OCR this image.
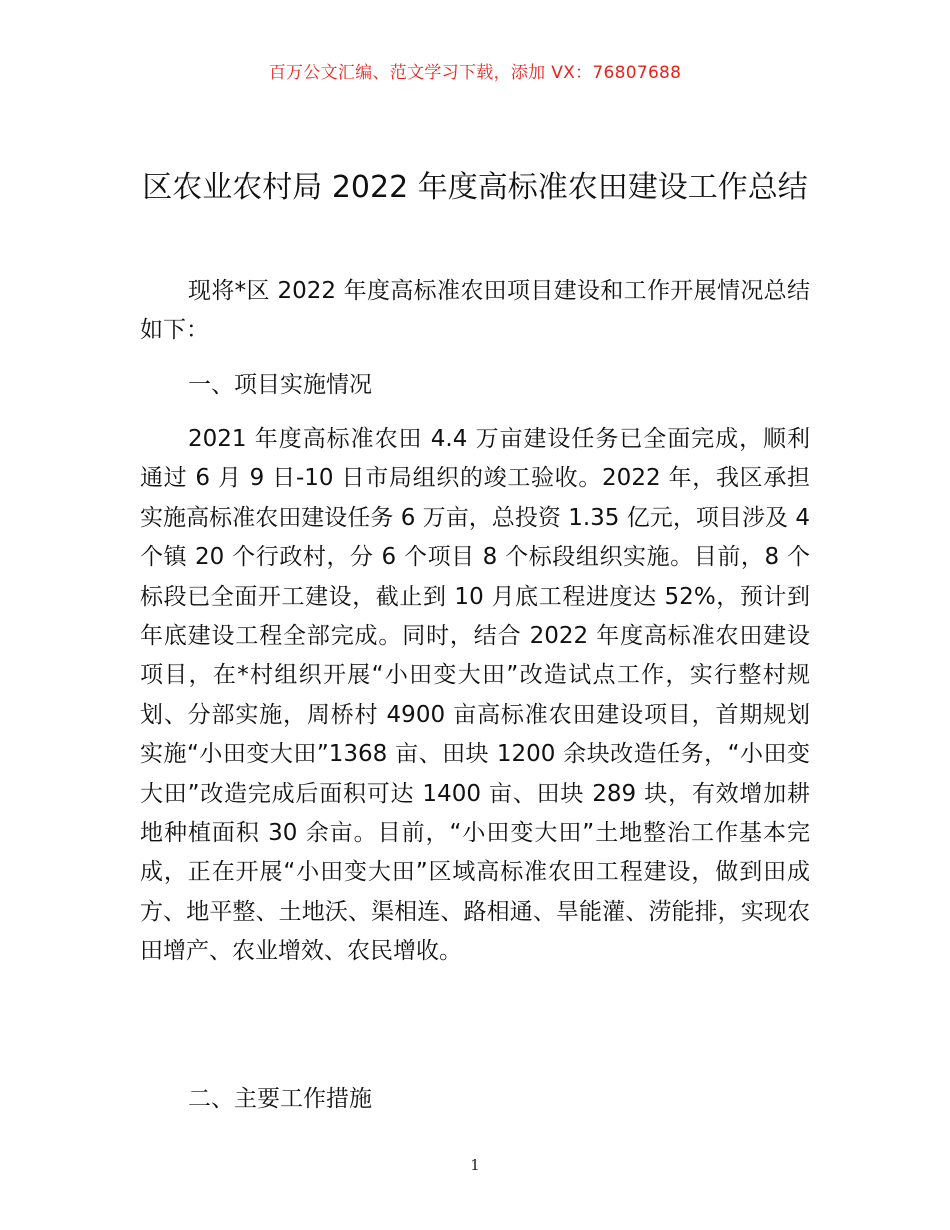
百万公文汇编、范文学习下载，添加 VX：76807688
区农业农村局 2022 年度高标准农田建设工作总结

现将*区 2022 年度高标准农田项目建设和工作开展情况总结如下：

一、项目实施情况

2021 年度高标准农田 4.4 万亩建设任务已全面完成，顺利通过 6 月 9 日-10 日市局组织的竣工验收。2022 年，我区承担实施高标准农田建设任务 6 万亩，总投资 1.35 亿元，项目涉及 4 个镇 20 个行政村，分 6 个项目 8 个标段组织实施。目前，8 个标段已全面开工建设，截止到 10 月底工程进度达 52%，预计到年底建设工程全部完成。同时，结合 2022 年度高标准农田建设项目，在*村组织开展“小田变大田”改造试点工作，实行整村规划、分部实施，周桥村 4900 亩高标准农田建设项目，首期规划实施“小田变大田”1368 亩、田块 1200 余块改造任务，“小田变大田”改造完成后面积可达 1400 亩、田块 289 块，有效增加耕地种植面积 30 余亩。目前，“小田变大田”土地整治工作基本完成，正在开展“小田变大田”区域高标准农田工程建设，做到田成方、地平整、土地沃、渠相连、路相通、旱能灌、涝能排，实现农田增产、农业增效、农民增收。

二、主要工作措施

1
